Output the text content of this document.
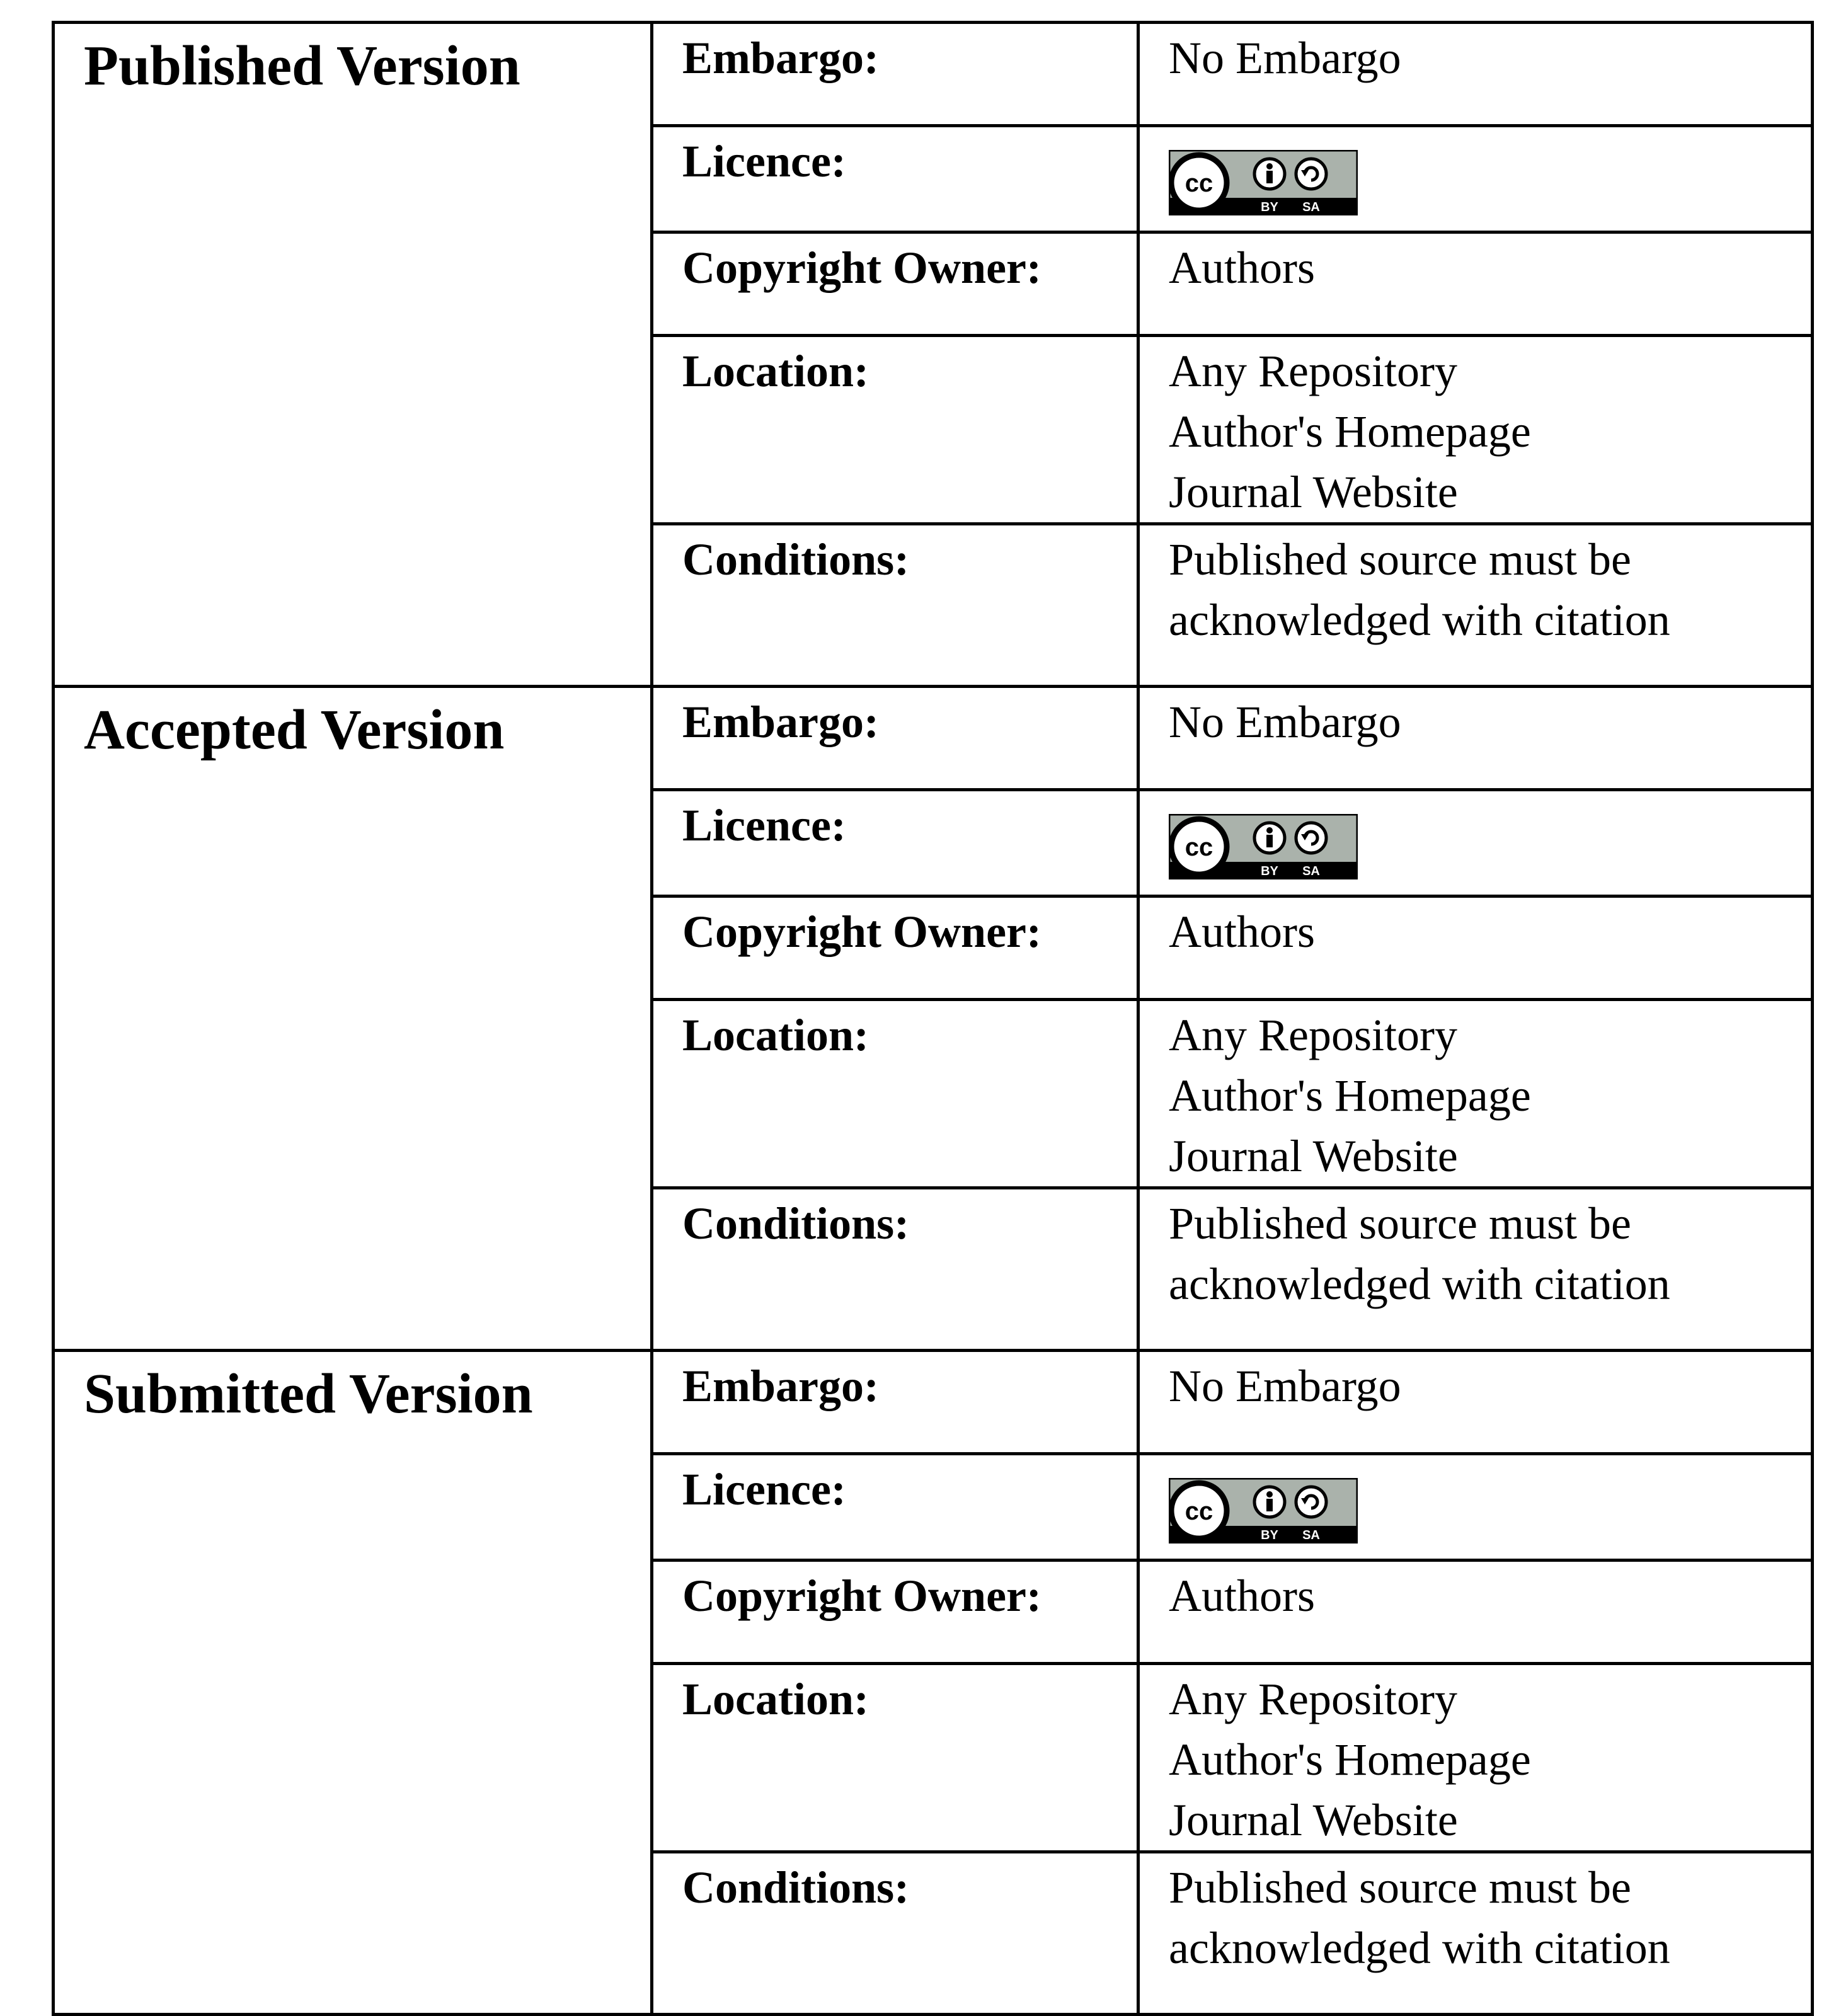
Published Version	Embargo:	No Embargo

	Licence:	cc
BY SA

	Copyright Owner:	Authors

	Location:	Any Repository
Author's Homepage
Journal Website

	Conditions:	Published source must be
acknowledged with citation

Accepted Version	Embargo:	No Embargo

	Licence:	cc
BY SA

	Copyright Owner:	Authors

	Location:	Any Repository
Author's Homepage
Journal Website

	Conditions:	Published source must be
acknowledged with citation

Submitted Version	Embargo:	No Embargo

	Licence:	cc
BY SA

	Copyright Owner:	Authors

	Location:	Any Repository
Author's Homepage
Journal Website

	Conditions:	Published source must be
acknowledged with citation
